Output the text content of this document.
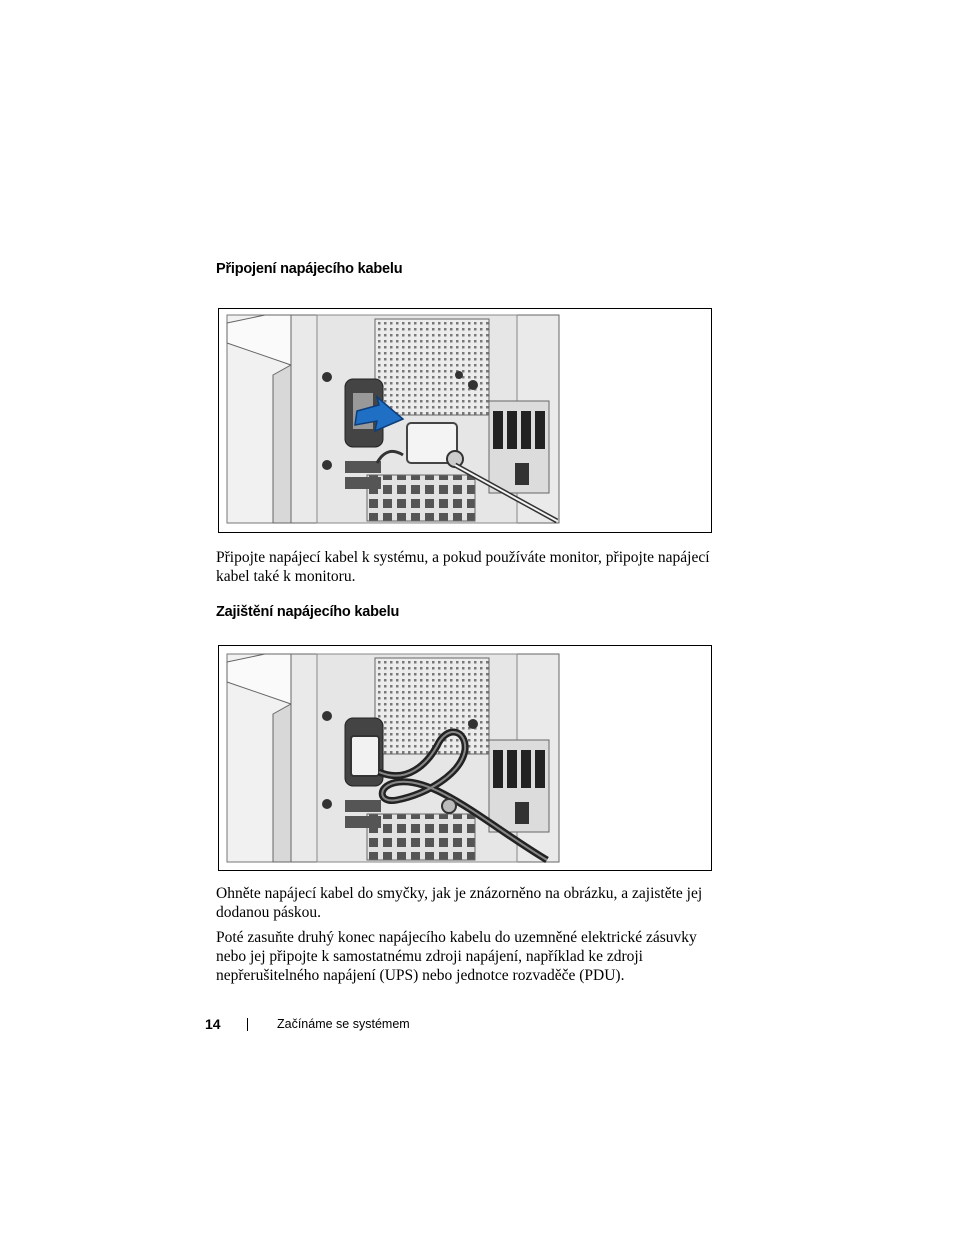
Připojení napájecího kabelu
Připojte napájecí kabel k systému, a pokud používáte monitor, připojte napájecí kabel také k monitoru.
Zajištění napájecího kabelu
Ohněte napájecí kabel do smyčky, jak je znázorněno na obrázku, a zajistěte jej dodanou páskou.
Poté zasuňte druhý konec napájecího kabelu do uzemněné elektrické zásuvky nebo jej připojte k samostatnému zdroji napájení, například ke zdroji nepřerušitelného napájení (UPS) nebo jednotce rozvaděče (PDU).
14	Začínáme se systémem
